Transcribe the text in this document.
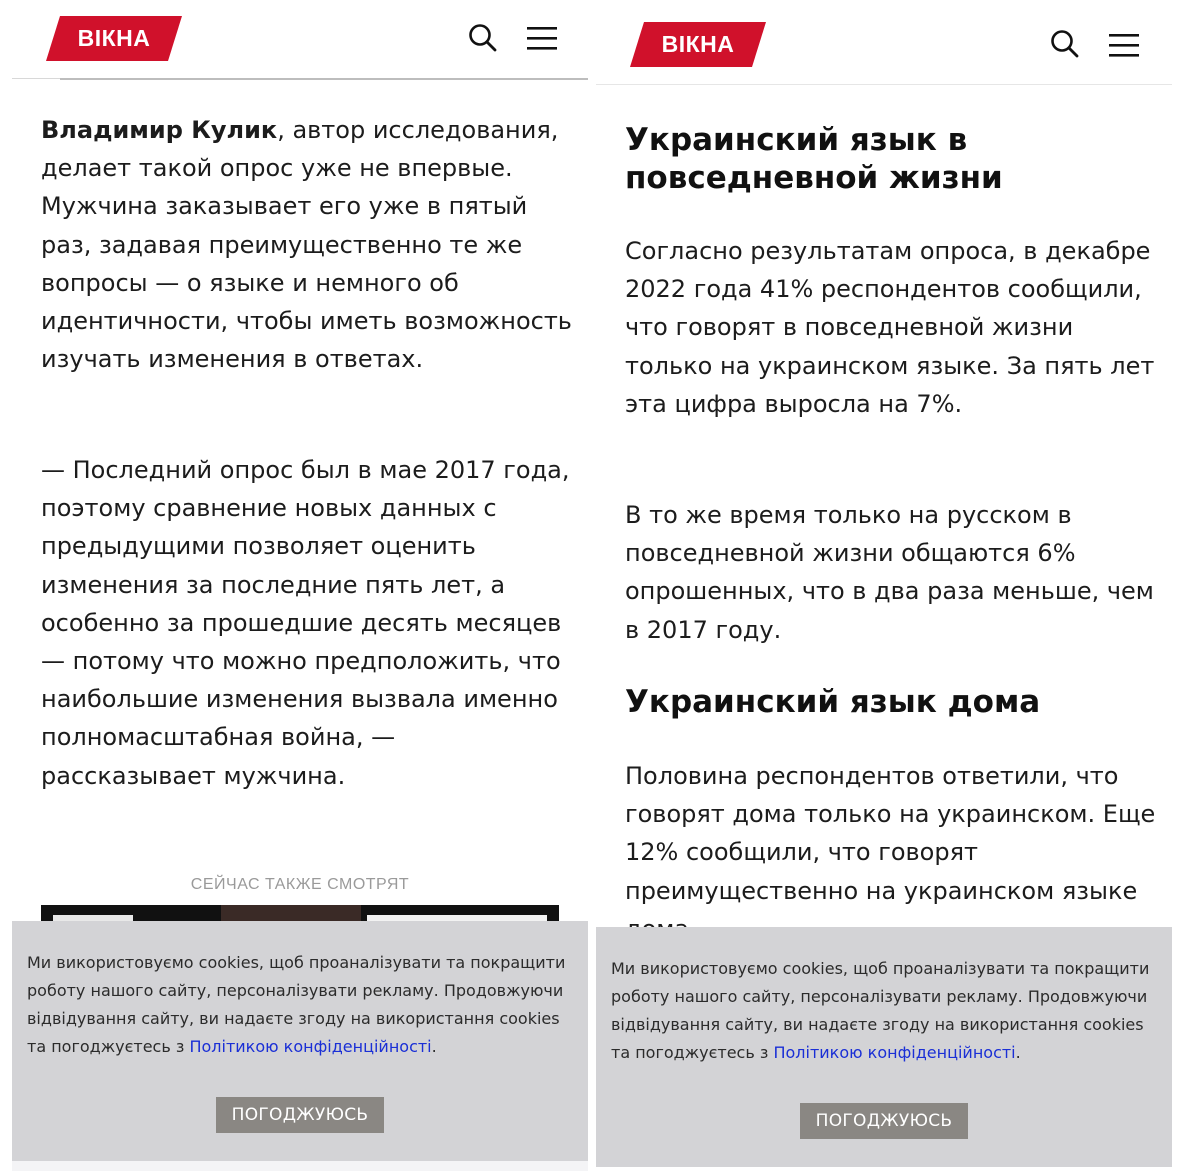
ВІКНА

Владимир Кулик, автор исследования, делает такой опрос уже не впервые. Мужчина заказывает его уже в пятый раз, задавая преимущественно те же вопросы — о языке и немного об идентичности, чтобы иметь возможность изучать изменения в ответах.

— Последний опрос был в мае 2017 года, поэтому сравнение новых данных с предыдущими позволяет оценить изменения за последние пять лет, а особенно за прошедшие десять месяцев — потому что можно предположить, что наибольшие изменения вызвала именно полномасштабная война, — рассказывает мужчина.

СЕЙЧАС ТАКЖЕ СМОТРЯТ
Ми використовуємо cookies, щоб проаналізувати та покращити роботу нашого сайту, персоналізувати рекламу. Продовжуючи відвідування сайту, ви надаєте згоду на використання cookies та погоджуєтесь з Політикою конфіденційності.
ПОГОДЖУЮСЬ
ВІКНА
Украинский язык в повседневной жизни

Согласно результатам опроса, в декабре 2022 года 41% респондентов сообщили, что говорят в повседневной жизни только на украинском языке. За пять лет эта цифра выросла на 7%.

В то же время только на русском в повседневной жизни общаются 6% опрошенных, что в два раза меньше, чем в 2017 году.

Украинский язык дома

Половина респондентов ответили, что говорят дома только на украинском. Еще 12% сообщили, что говорят преимущественно на украинском языке

Ми використовуємо cookies, щоб проаналізувати та покращити роботу нашого сайту, персоналізувати рекламу. Продовжуючи відвідування сайту, ви надаєте згоду на використання cookies та погоджуєтесь з Політикою конфіденційності.
ПОГОДЖУЮСЬ
